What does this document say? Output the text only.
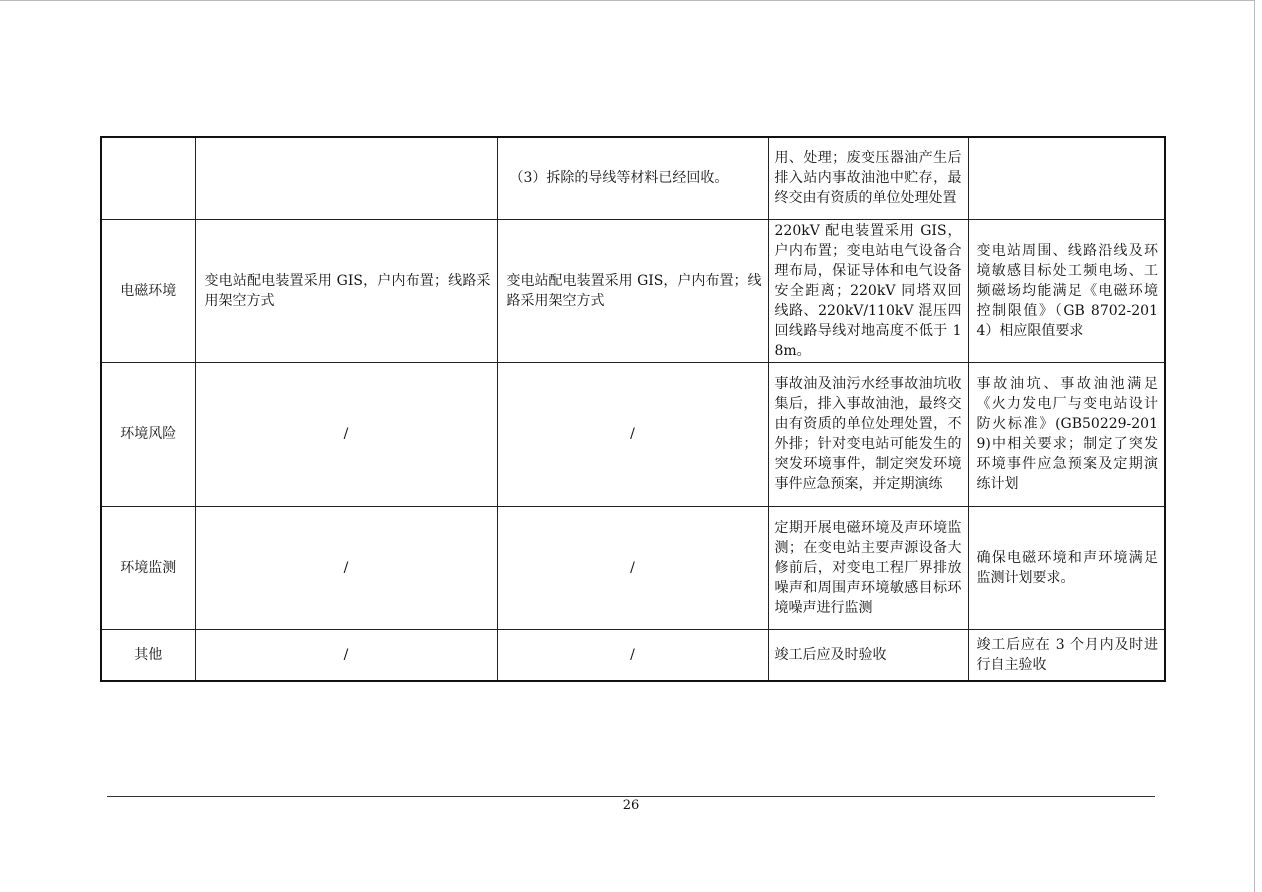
		（3）拆除的导线等材料已经回收。	用、处理；废变压器油产生后排入站内事故油池中贮存，最终交由有资质的单位处理处置	
电磁环境	变电站配电装置采用 GIS，户内布置；线路采用架空方式	变电站配电装置采用 GIS，户内布置；线路采用架空方式	220kV 配电装置采用 GIS，户内布置；变电站电气设备合理布局，保证导体和电气设备安全距离；220kV 同塔双回线路、220kV/110kV 混压四回线路导线对地高度不低于 18m。	变电站周围、线路沿线及环境敏感目标处工频电场、工频磁场均能满足《电磁环境控制限值》（GB 8702-2014）相应限值要求
环境风险	/	/	事故油及油污水经事故油坑收集后，排入事故油池，最终交由有资质的单位处理处置，不外排；针对变电站可能发生的突发环境事件，制定突发环境事件应急预案，并定期演练	事故油坑、事故油池满足《火力发电厂与变电站设计防火标准》(GB50229-2019)中相关要求；制定了突发环境事件应急预案及定期演练计划
环境监测	/	/	定期开展电磁环境及声环境监测；在变电站主要声源设备大修前后，对变电工程厂界排放噪声和周围声环境敏感目标环境噪声进行监测	确保电磁环境和声环境满足监测计划要求。
其他	/	/	竣工后应及时验收	竣工后应在 3 个月内及时进行自主验收
26
